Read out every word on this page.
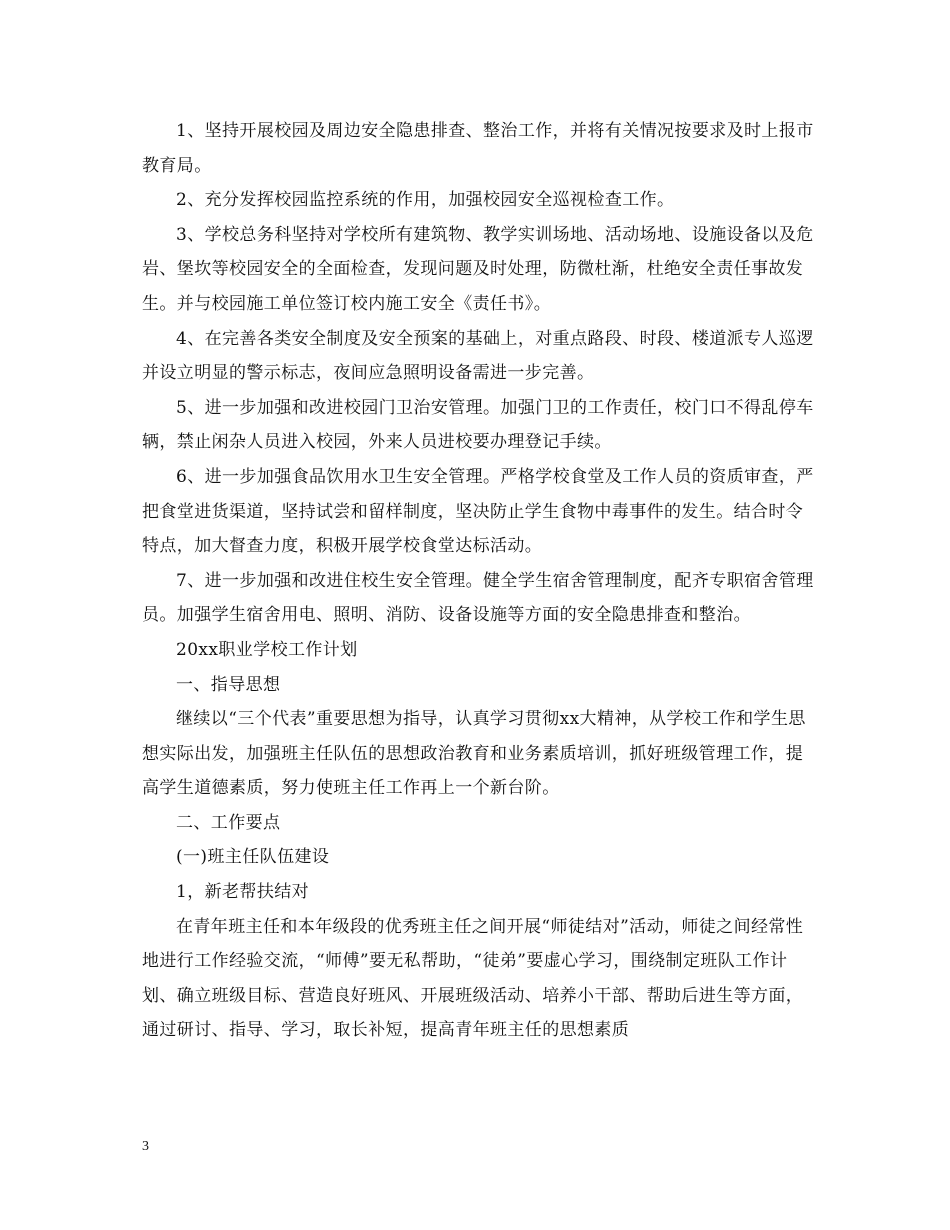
1、坚持开展校园及周边安全隐患排查、整治工作，并将有关情况按要求及时上报市教育局。

2、充分发挥校园监控系统的作用，加强校园安全巡视检查工作。

3、学校总务科坚持对学校所有建筑物、教学实训场地、活动场地、设施设备以及危岩、堡坎等校园安全的全面检查，发现问题及时处理，防微杜渐，杜绝安全责任事故发生。并与校园施工单位签订校内施工安全《责任书》。

4、在完善各类安全制度及安全预案的基础上，对重点路段、时段、楼道派专人巡逻并设立明显的警示标志，夜间应急照明设备需进一步完善。

5、进一步加强和改进校园门卫治安管理。加强门卫的工作责任，校门口不得乱停车辆，禁止闲杂人员进入校园，外来人员进校要办理登记手续。

6、进一步加强食品饮用水卫生安全管理。严格学校食堂及工作人员的资质审查，严把食堂进货渠道，坚持试尝和留样制度，坚决防止学生食物中毒事件的发生。结合时令特点，加大督查力度，积极开展学校食堂达标活动。

7、进一步加强和改进住校生安全管理。健全学生宿舍管理制度，配齐专职宿舍管理员。加强学生宿舍用电、照明、消防、设备设施等方面的安全隐患排查和整治。

20xx职业学校工作计划

一、指导思想

继续以“三个代表”重要思想为指导，认真学习贯彻xx大精神，从学校工作和学生思想实际出发，加强班主任队伍的思想政治教育和业务素质培训，抓好班级管理工作，提高学生道德素质，努力使班主任工作再上一个新台阶。

二、工作要点

(一)班主任队伍建设

1，新老帮扶结对

在青年班主任和本年级段的优秀班主任之间开展“师徒结对”活动，师徒之间经常性地进行工作经验交流，“师傅”要无私帮助，“徒弟”要虚心学习，围绕制定班队工作计划、确立班级目标、营造良好班风、开展班级活动、培养小干部、帮助后进生等方面，通过研讨、指导、学习，取长补短，提高青年班主任的思想素质

3
